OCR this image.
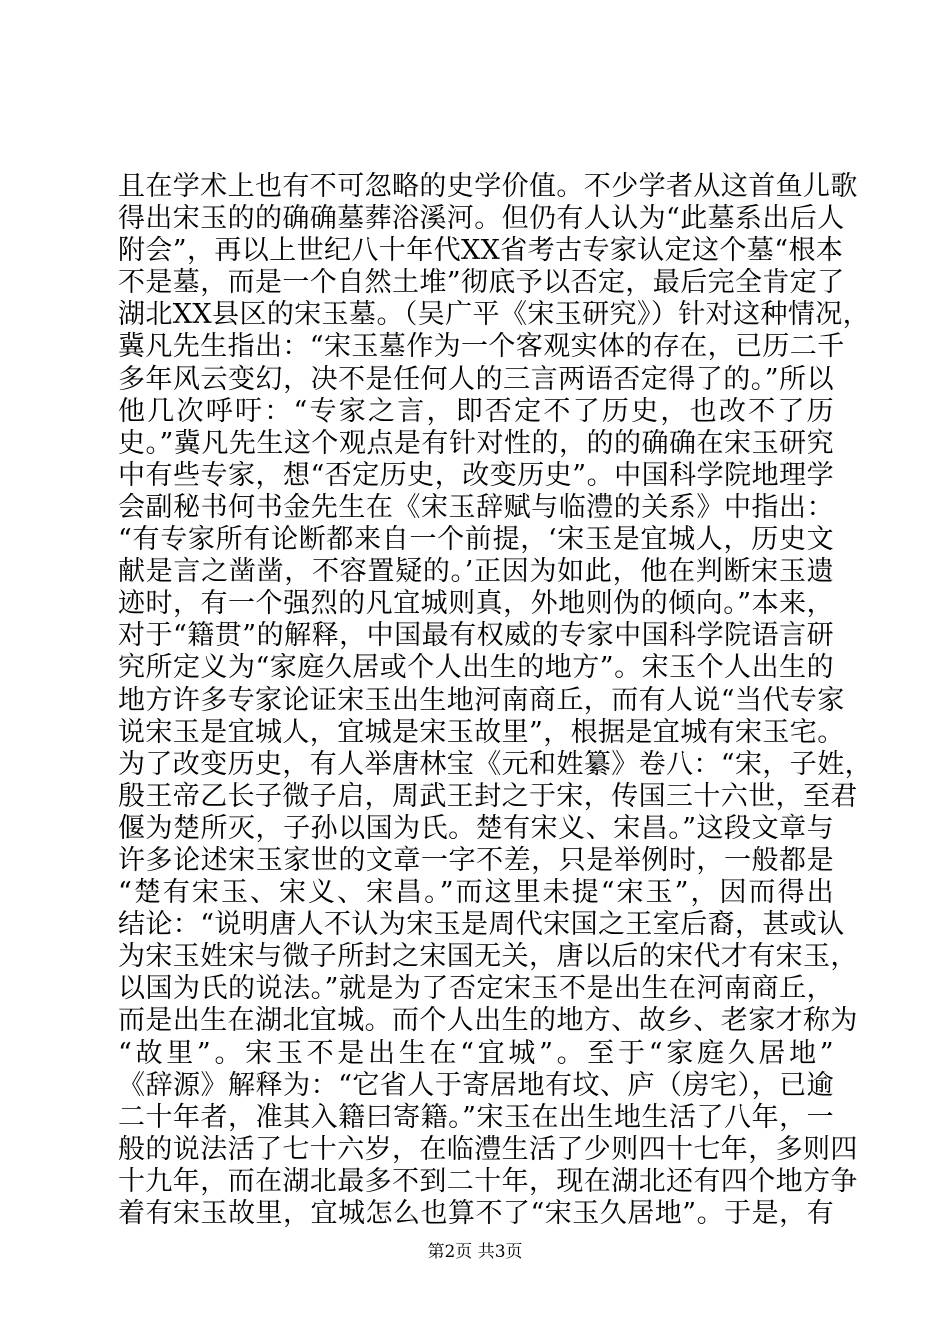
且在学术上也有不可忽略的史学价值。不少学者从这首鱼儿歌
得出宋玉的的确确墓葬浴溪河。但仍有人认为“此墓系出后人
附会”，再以上世纪八十年代XX省考古专家认定这个墓“根本
不是墓，而是一个自然土堆”彻底予以否定，最后完全肯定了
湖北XX县区的宋玉墓。（吴广平《宋玉研究》）针对这种情况，
冀凡先生指出：“宋玉墓作为一个客观实体的存在，已历二千
多年风云变幻，决不是任何人的三言两语否定得了的。”所以
他几次呼吁：“专家之言，即否定不了历史，也改不了历
史。”冀凡先生这个观点是有针对性的，的的确确在宋玉研究
中有些专家，想“否定历史，改变历史”。中国科学院地理学
会副秘书何书金先生在《宋玉辞赋与临澧的关系》中指出：
“有专家所有论断都来自一个前提，‘宋玉是宜城人，历史文
献是言之凿凿，不容置疑的。’正因为如此，他在判断宋玉遗
迹时，有一个强烈的凡宜城则真，外地则伪的倾向。”本来，
对于“籍贯”的解释，中国最有权威的专家中国科学院语言研
究所定义为“家庭久居或个人出生的地方”。宋玉个人出生的
地方许多专家论证宋玉出生地河南商丘，而有人说“当代专家
说宋玉是宜城人，宜城是宋玉故里”，根据是宜城有宋玉宅。
为了改变历史，有人举唐林宝《元和姓纂》卷八：“宋，子姓，
殷王帝乙长子微子启，周武王封之于宋，传国三十六世，至君
偃为楚所灭，子孙以国为氏。楚有宋义、宋昌。”这段文章与
许多论述宋玉家世的文章一字不差，只是举例时，一般都是
“楚有宋玉、宋义、宋昌。”而这里未提“宋玉”，因而得出
结论：“说明唐人不认为宋玉是周代宋国之王室后裔，甚或认
为宋玉姓宋与微子所封之宋国无关，唐以后的宋代才有宋玉，
以国为氏的说法。”就是为了否定宋玉不是出生在河南商丘，
而是出生在湖北宜城。而个人出生的地方、故乡、老家才称为
“故里”。宋玉不是出生在“宜城”。至于“家庭久居地”
《辞源》解释为：“它省人于寄居地有坟、庐（房宅），已逾
二十年者，准其入籍曰寄籍。”宋玉在出生地生活了八年，一
般的说法活了七十六岁，在临澧生活了少则四十七年，多则四
十九年，而在湖北最多不到二十年，现在湖北还有四个地方争
着有宋玉故里，宜城怎么也算不了“宋玉久居地”。于是，有
第2页 共3页
